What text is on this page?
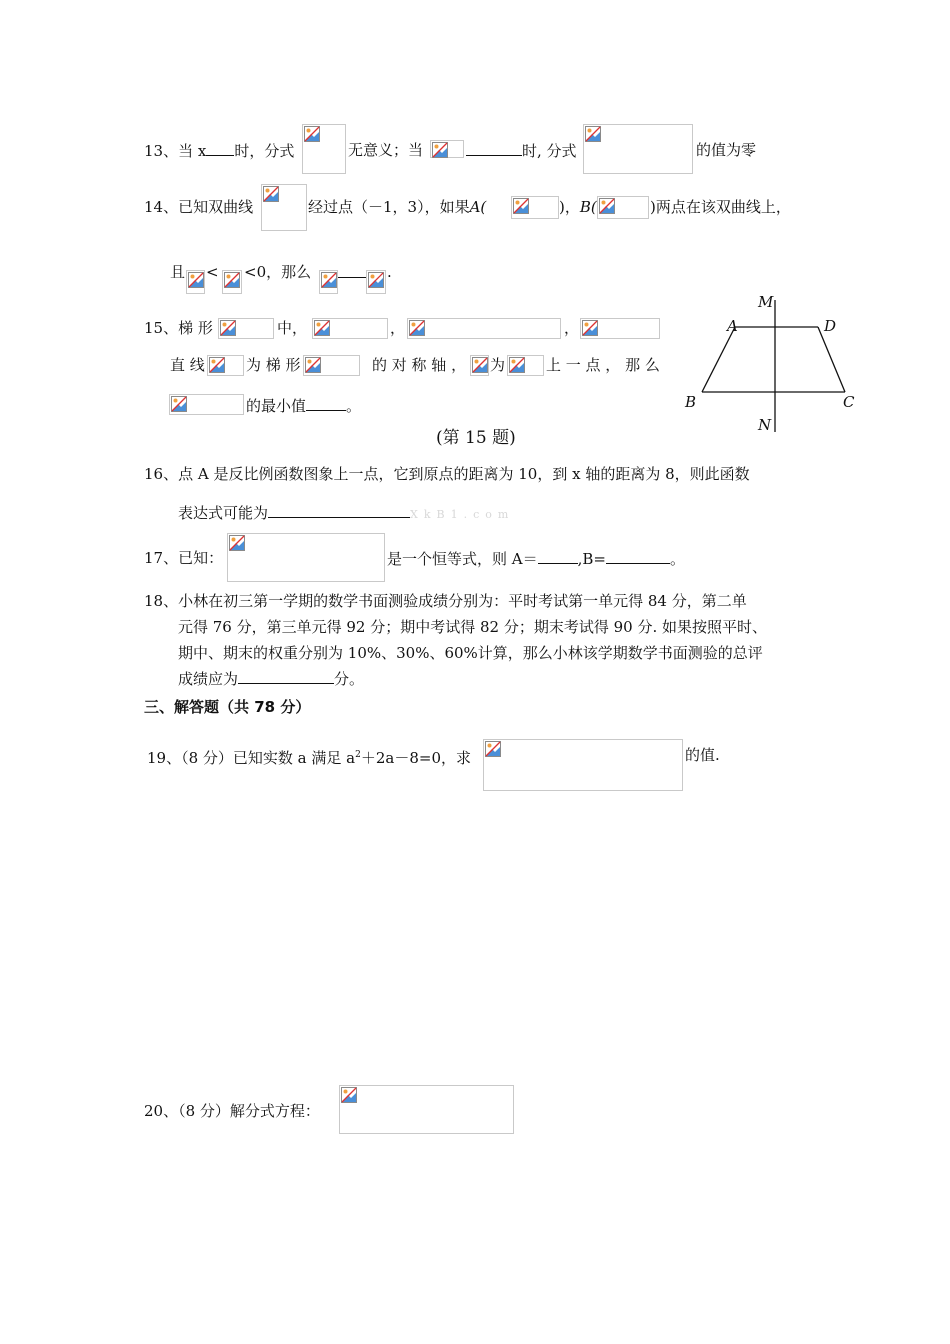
13、当 x 时，分式	无意义；当	时, 分式	的值为零
14、已知双曲线	经过点（－1，3），如果A(	)，B(	)两点在该双曲线上，
且 < <0，那么	.
15、梯 形	中，	，	，
直 线	为 梯 形	的 对 称 轴 ， 为	上 一 点 ， 那 么
的最小值	。
M
A	D
B	C
N
(第 15 题)
16、点 A 是反比例函数图象上一点，它到原点的距离为 10，到 x 轴的距离为 8，则此函数
表达式可能为	XkB1.com
17、已知：	是一个恒等式，则 A＝	,B=	。
18、小林在初三第一学期的数学书面测验成绩分别为：平时考试第一单元得 84 分，第二单
元得 76 分，第三单元得 92 分；期中考试得 82 分；期末考试得 90 分. 如果按照平时、
期中、期末的权重分别为 10%、30%、60%计算，那么小林该学期数学书面测验的总评
成绩应为	分。
三、解答题（共 78 分）
19、（8 分）已知实数 a 满足 $a^2+2a-8=0$，求	的值.
20、（8 分）解分式方程：
